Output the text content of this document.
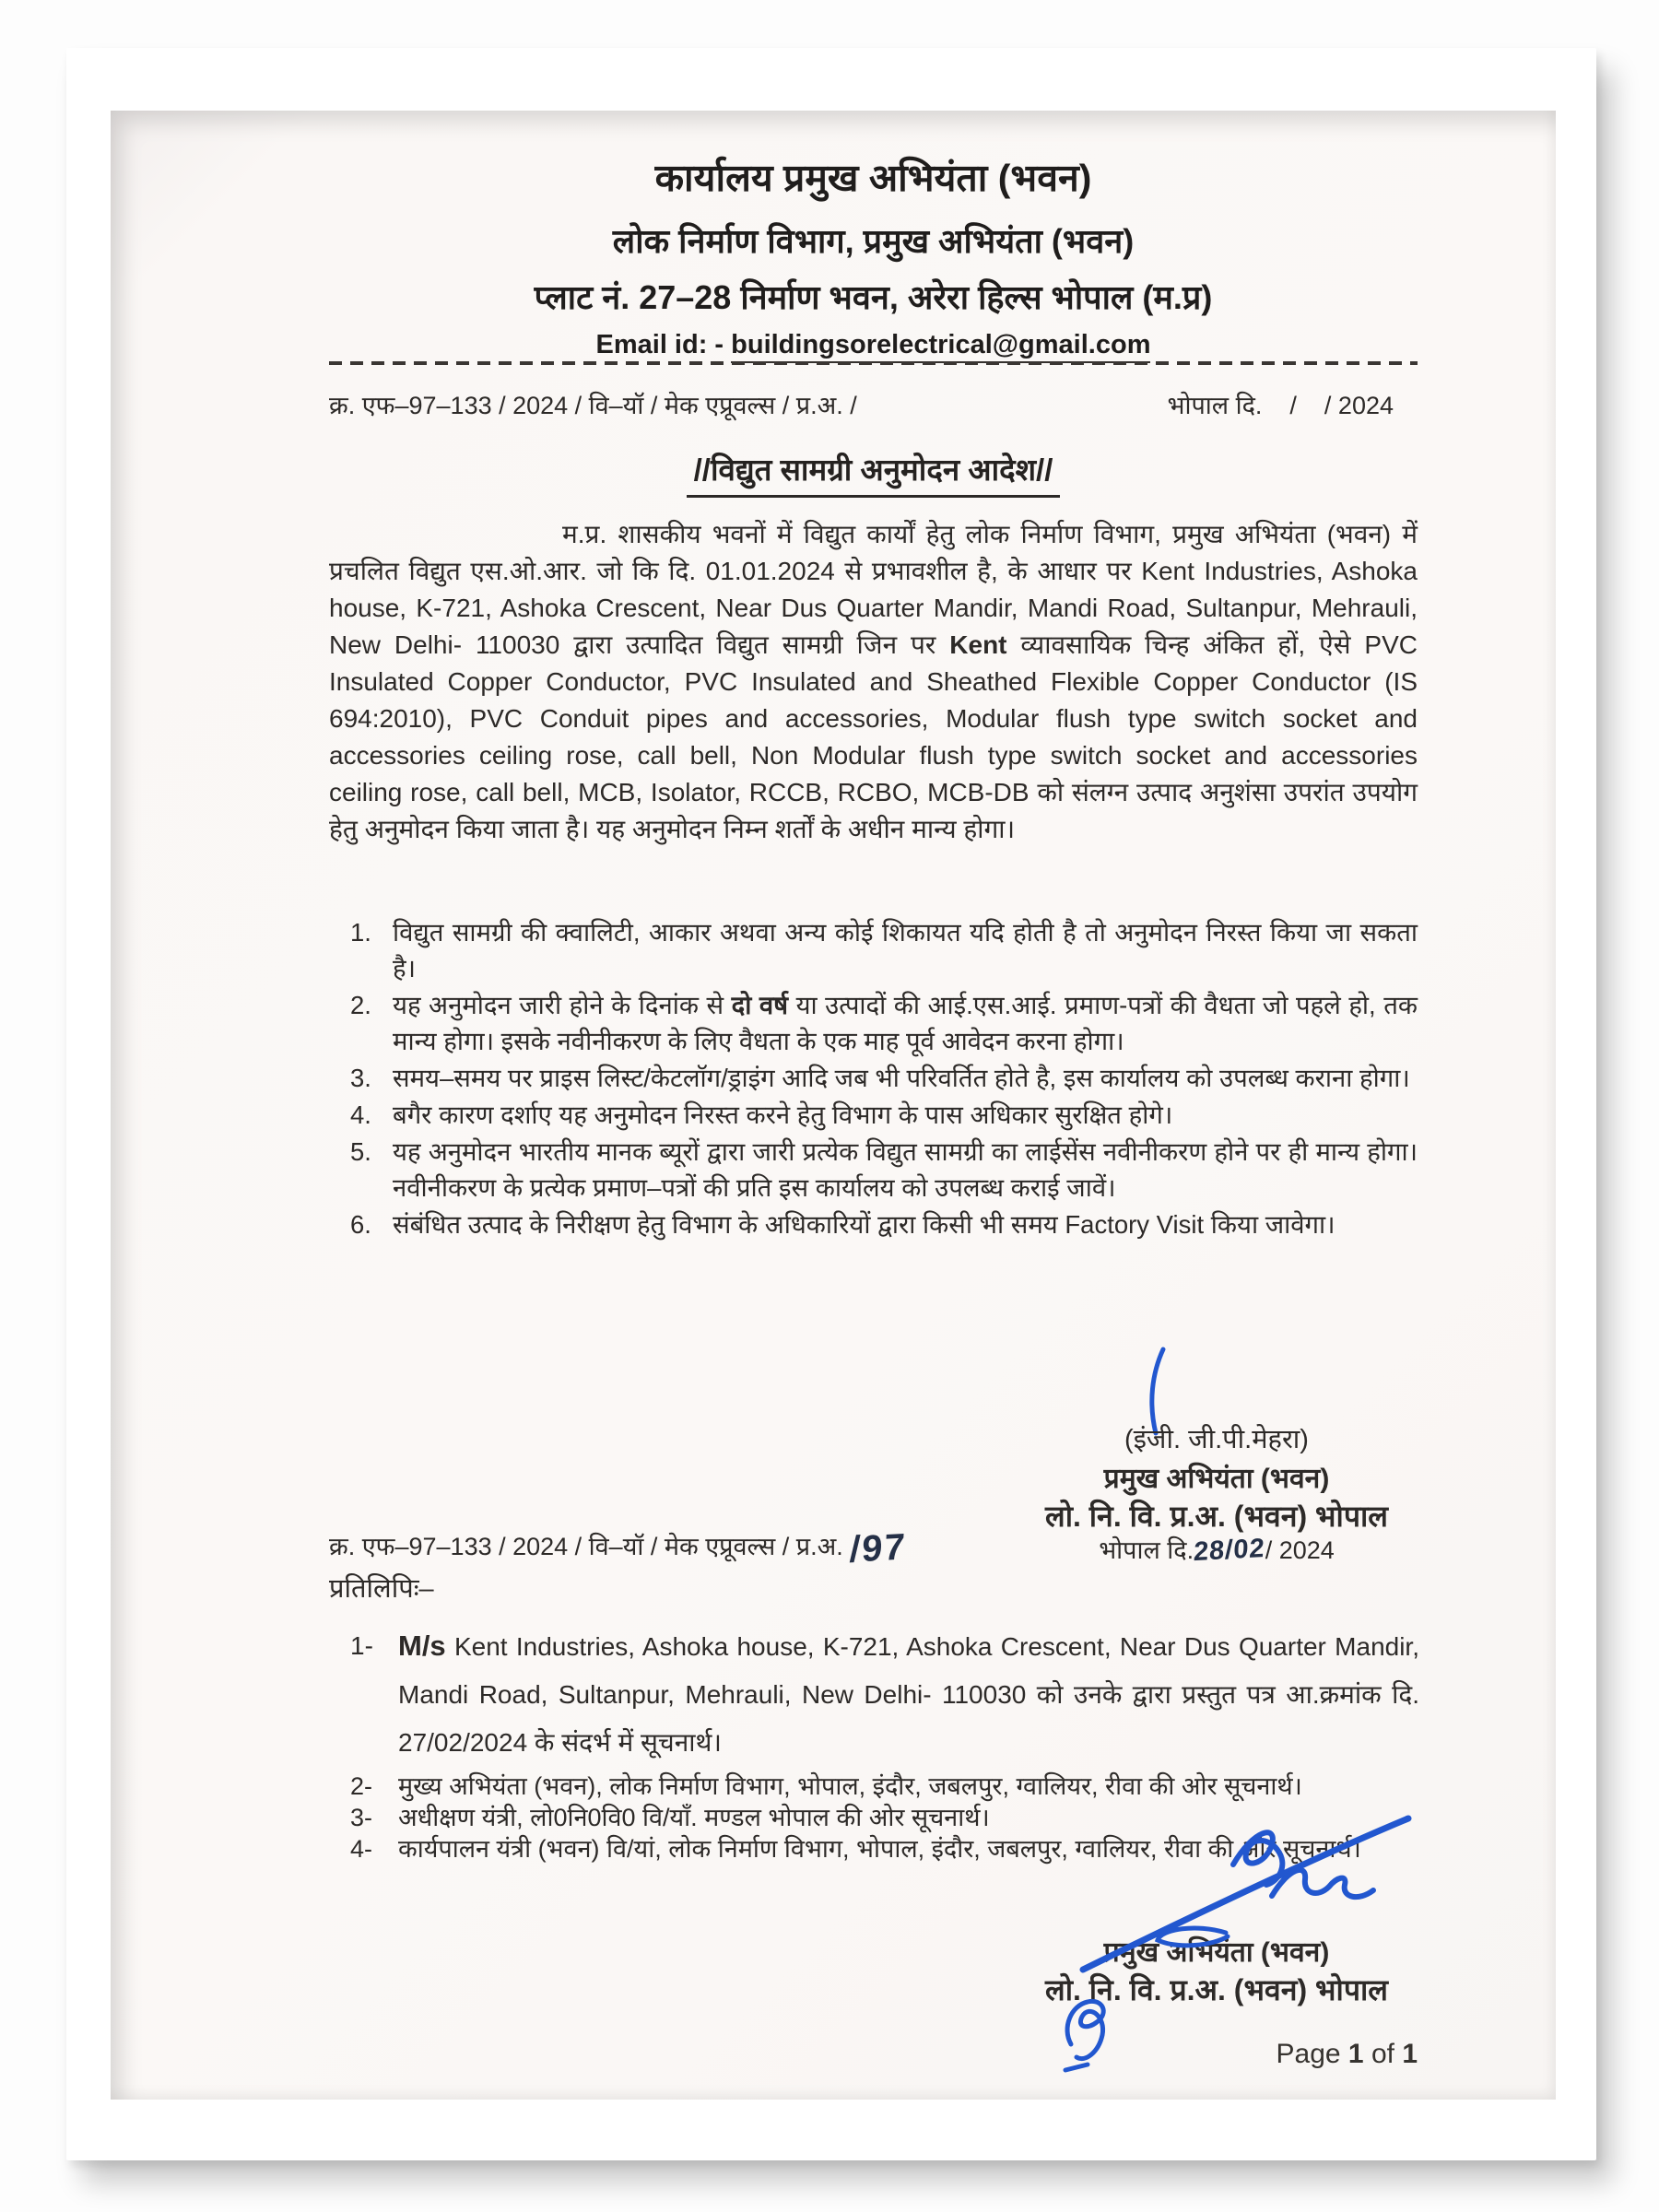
कार्यालय प्रमुख अभियंता (भवन)
लोक निर्माण विभाग, प्रमुख अभियंता (भवन)
प्लाट नं. 27–28 निर्माण भवन, अरेरा हिल्स भोपाल (म.प्र)
Email id: - buildingsorelectrical@gmail.com
क्र. एफ–97–133 / 2024 / वि–यॉ / मेक एप्रूवल्स / प्र.अ. /	भोपाल दि.    /    / 2024
//विद्युत सामग्री अनुमोदन आदेश//
म.प्र. शासकीय भवनों में विद्युत कार्यों हेतु लोक निर्माण विभाग, प्रमुख अभियंता (भवन) में प्रचलित विद्युत एस.ओ.आर. जो कि दि. 01.01.2024 से प्रभावशील है, के आधार पर Kent Industries, Ashoka house, K-721, Ashoka Crescent, Near Dus Quarter Mandir, Mandi Road, Sultanpur, Mehrauli, New Delhi- 110030 द्वारा उत्पादित विद्युत सामग्री जिन पर Kent व्यावसायिक चिन्ह अंकित हों, ऐसे PVC Insulated Copper Conductor, PVC Insulated and Sheathed Flexible Copper Conductor (IS 694:2010), PVC Conduit pipes and accessories, Modular flush type switch socket and accessories ceiling rose, call bell, Non Modular flush type switch socket and accessories ceiling rose, call bell, MCB, Isolator, RCCB, RCBO, MCB-DB को संलग्न उत्पाद अनुशंसा उपरांत उपयोग हेतु अनुमोदन किया जाता है। यह अनुमोदन निम्न शर्तों के अधीन मान्य होगा।
1. विद्युत सामग्री की क्वालिटी, आकार अथवा अन्य कोई शिकायत यदि होती है तो अनुमोदन निरस्त किया जा सकता है।
2. यह अनुमोदन जारी होने के दिनांक से दो वर्ष या उत्पादों की आई.एस.आई. प्रमाण-पत्रों की वैधता जो पहले हो, तक मान्य होगा। इसके नवीनीकरण के लिए वैधता के एक माह पूर्व आवेदन करना होगा।
3. समय–समय पर प्राइस लिस्ट/केटलॉग/ड्राइंग आदि जब भी परिवर्तित होते है, इस कार्यालय को उपलब्ध कराना होगा।
4. बगैर कारण दर्शाए यह अनुमोदन निरस्त करने हेतु विभाग के पास अधिकार सुरक्षित होगे।
5. यह अनुमोदन भारतीय मानक ब्यूरों द्वारा जारी प्रत्येक विद्युत सामग्री का लाईसेंस नवीनीकरण होने पर ही मान्य होगा। नवीनीकरण के प्रत्येक प्रमाण–पत्रों की प्रति इस कार्यालय को उपलब्ध कराई जावें।
6. संबंधित उत्पाद के निरीक्षण हेतु विभाग के अधिकारियों द्वारा किसी भी समय Factory Visit किया जावेगा।
(इंजी. जी.पी.मेहरा)
प्रमुख अभियंता (भवन)
लो. नि. वि. प्र.अ. (भवन) भोपाल
भोपाल दि.28/02/ 2024
क्र. एफ–97–133 / 2024 / वि–यॉ / मेक एप्रूवल्स / प्र.अ. /97
प्रतिलिपिः–
1- M/s Kent Industries, Ashoka house, K-721, Ashoka Crescent, Near Dus Quarter Mandir, Mandi Road, Sultanpur, Mehrauli, New Delhi- 110030 को उनके द्वारा प्रस्तुत पत्र आ.क्रमांक दि. 27/02/2024 के संदर्भ में सूचनार्थ।
2- मुख्य अभियंता (भवन), लोक निर्माण विभाग, भोपाल, इंदौर, जबलपुर, ग्वालियर, रीवा की ओर सूचनार्थ।
3- अधीक्षण यंत्री, लो0नि0वि0 वि/याँ. मण्डल भोपाल की ओर सूचनार्थ।
4- कार्यपालन यंत्री (भवन) वि/यां, लोक निर्माण विभाग, भोपाल, इंदौर, जबलपुर, ग्वालियर, रीवा की ओर सूचनार्थ।
प्रमुख अभियंता (भवन)
लो. नि. वि. प्र.अ. (भवन) भोपाल
Page 1 of 1
